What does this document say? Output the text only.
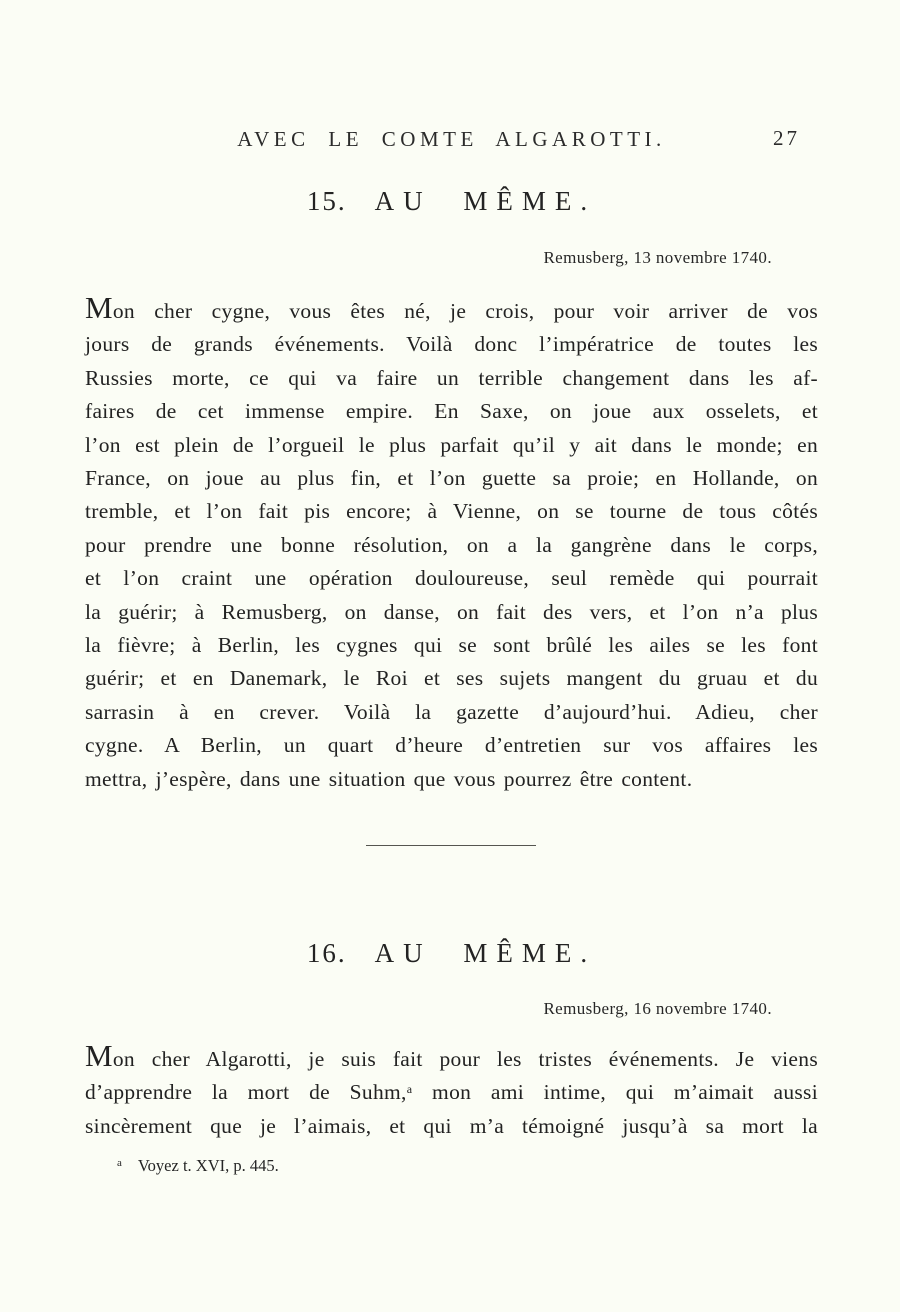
AVEC LE COMTE ALGAROTTI.	27
15. AU MÊME.
Remusberg, 13 novembre 1740.
Mon cher cygne, vous êtes né, je crois, pour voir arriver de vos
jours de grands événements. Voilà donc l’impératrice de toutes les
Russies morte, ce qui va faire un terrible changement dans les af-
faires de cet immense empire. En Saxe, on joue aux osselets, et
l’on est plein de l’orgueil le plus parfait qu’il y ait dans le monde; en
France, on joue au plus fin, et l’on guette sa proie; en Hollande, on
tremble, et l’on fait pis encore; à Vienne, on se tourne de tous côtés
pour prendre une bonne résolution, on a la gangrène dans le corps,
et l’on craint une opération douloureuse, seul remède qui pourrait
la guérir; à Remusberg, on danse, on fait des vers, et l’on n’a plus
la fièvre; à Berlin, les cygnes qui se sont brûlé les ailes se les font
guérir; et en Danemark, le Roi et ses sujets mangent du gruau et du
sarrasin à en crever. Voilà la gazette d’aujourd’hui. Adieu, cher
cygne. A Berlin, un quart d’heure d’entretien sur vos affaires les
mettra, j’espère, dans une situation que vous pourrez être content.
16. AU MÊME.
Remusberg, 16 novembre 1740.
Mon cher Algarotti, je suis fait pour les tristes événements. Je viens
d’apprendre la mort de Suhm,$^a$ mon ami intime, qui m’aimait aussi
sincèrement que je l’aimais, et qui m’a témoigné jusqu’à sa mort la
$^a$ Voyez t. XVI, p. 445.
